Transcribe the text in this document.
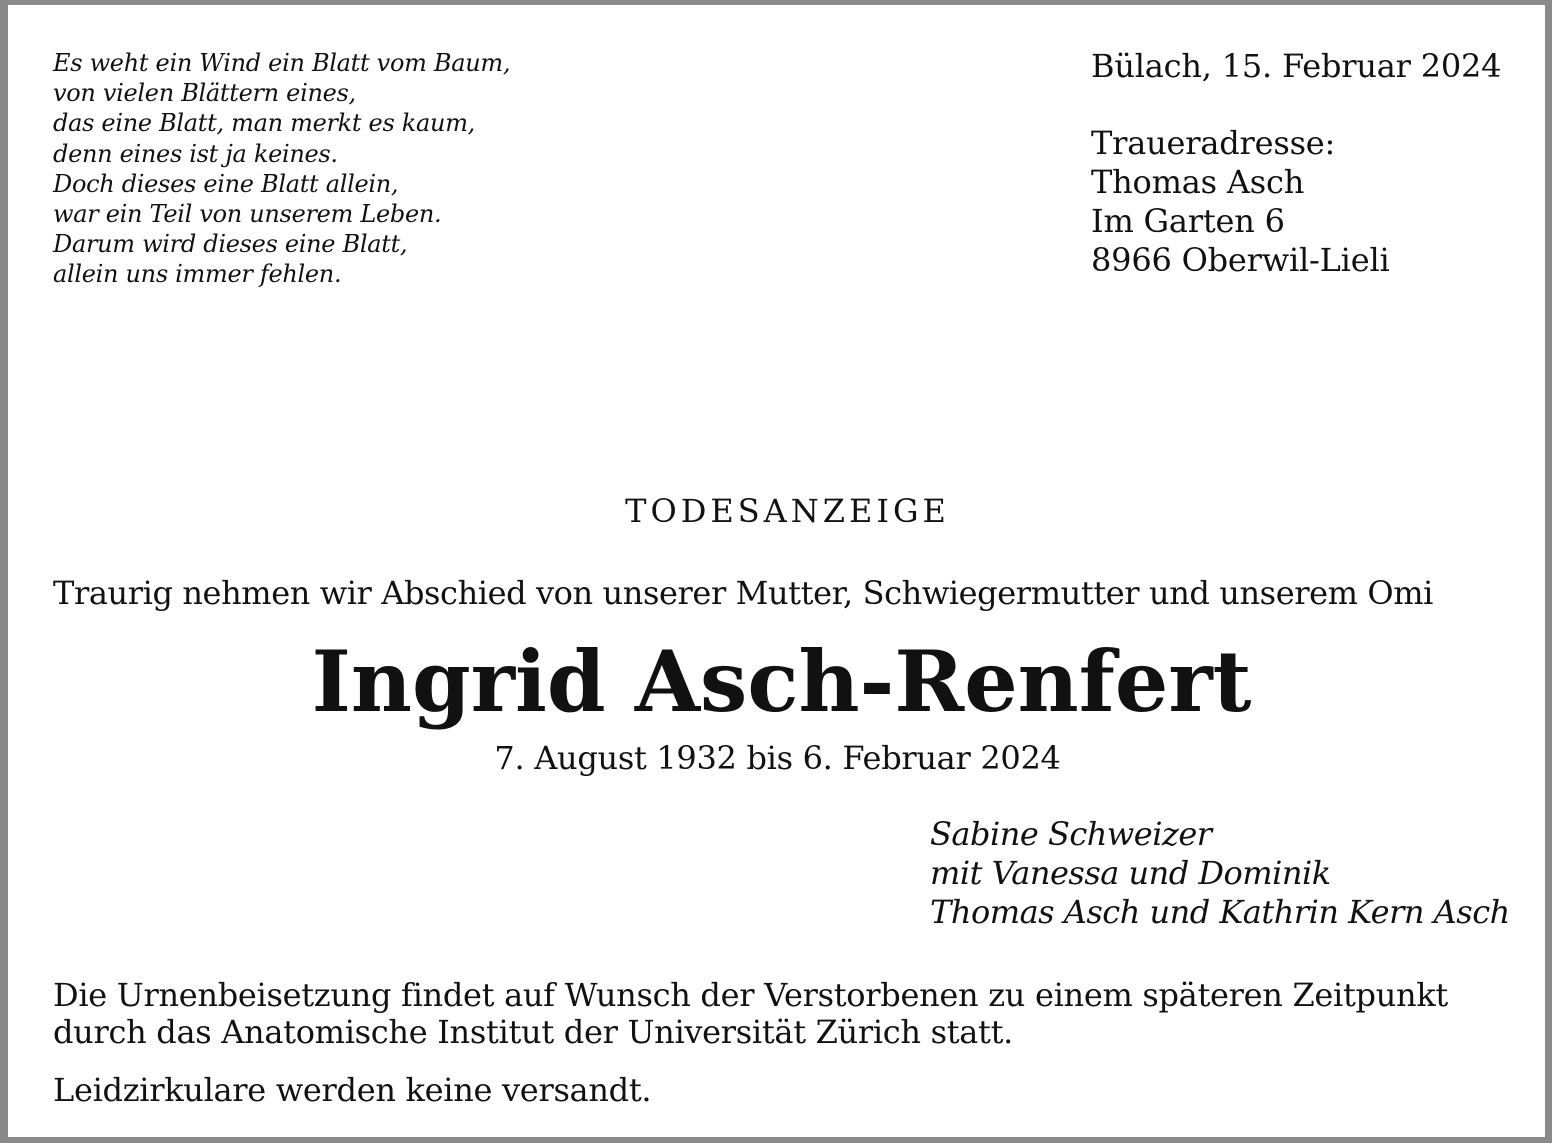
Es weht ein Wind ein Blatt vom Baum,
von vielen Blättern eines,
das eine Blatt, man merkt es kaum,
denn eines ist ja keines.
Doch dieses eine Blatt allein,
war ein Teil von unserem Leben.
Darum wird dieses eine Blatt,
allein uns immer fehlen.
Bülach, 15. Februar 2024
Traueradresse:
Thomas Asch
Im Garten 6
8966 Oberwil-Lieli
TODESANZEIGE
Traurig nehmen wir Abschied von unserer Mutter, Schwiegermutter und unserem Omi
Ingrid Asch-Renfert
7. August 1932 bis 6. Februar 2024
Sabine Schweizer
mit Vanessa und Dominik
Thomas Asch und Kathrin Kern Asch
Die Urnenbeisetzung findet auf Wunsch der Verstorbenen zu einem späteren Zeitpunkt
durch das Anatomische Institut der Universität Zürich statt.
Leidzirkulare werden keine versandt.
